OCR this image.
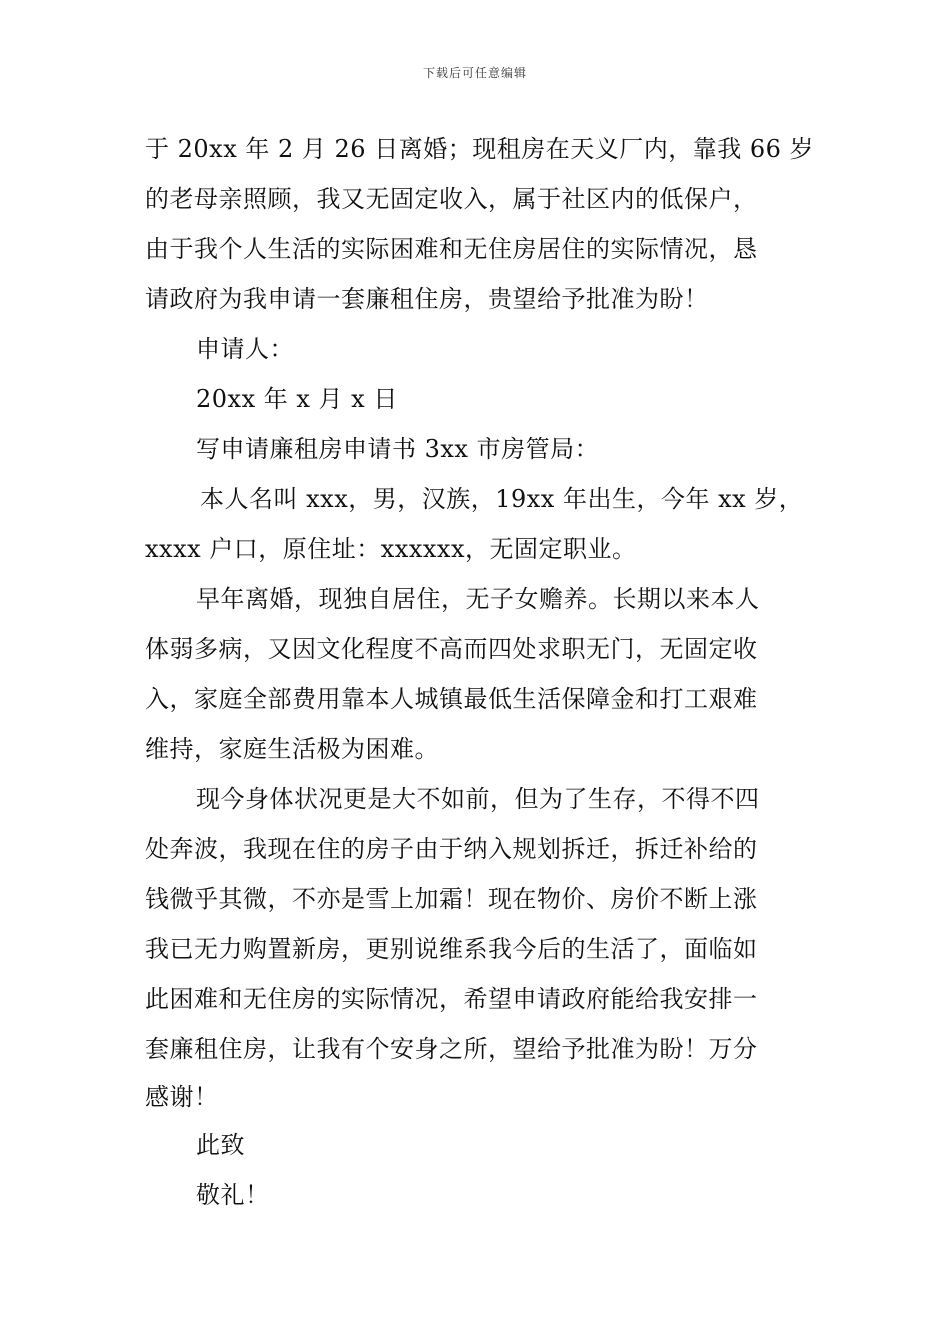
下载后可任意编辑
于 20xx 年 2 月 26 日离婚；现租房在天义厂内，靠我 66 岁
的老母亲照顾，我又无固定收入，属于社区内的低保户，
由于我个人生活的实际困难和无住房居住的实际情况，恳
请政府为我申请一套廉租住房，贵望给予批准为盼！
申请人：
20xx 年 x 月 x 日
写申请廉租房申请书 3xx 市房管局：
本人名叫 xxx，男，汉族，19xx 年出生，今年 xx 岁，
xxxx 户口，原住址：xxxxxx，无固定职业。
早年离婚，现独自居住，无子女赡养。长期以来本人
体弱多病，又因文化程度不高而四处求职无门，无固定收
入，家庭全部费用靠本人城镇最低生活保障金和打工艰难
维持，家庭生活极为困难。
现今身体状况更是大不如前，但为了生存，不得不四
处奔波，我现在住的房子由于纳入规划拆迁，拆迁补给的
钱微乎其微，不亦是雪上加霜！现在物价、房价不断上涨
我已无力购置新房，更别说维系我今后的生活了，面临如
此困难和无住房的实际情况，希望申请政府能给我安排一
套廉租住房，让我有个安身之所，望给予批准为盼！万分
感谢！
此致
敬礼！
